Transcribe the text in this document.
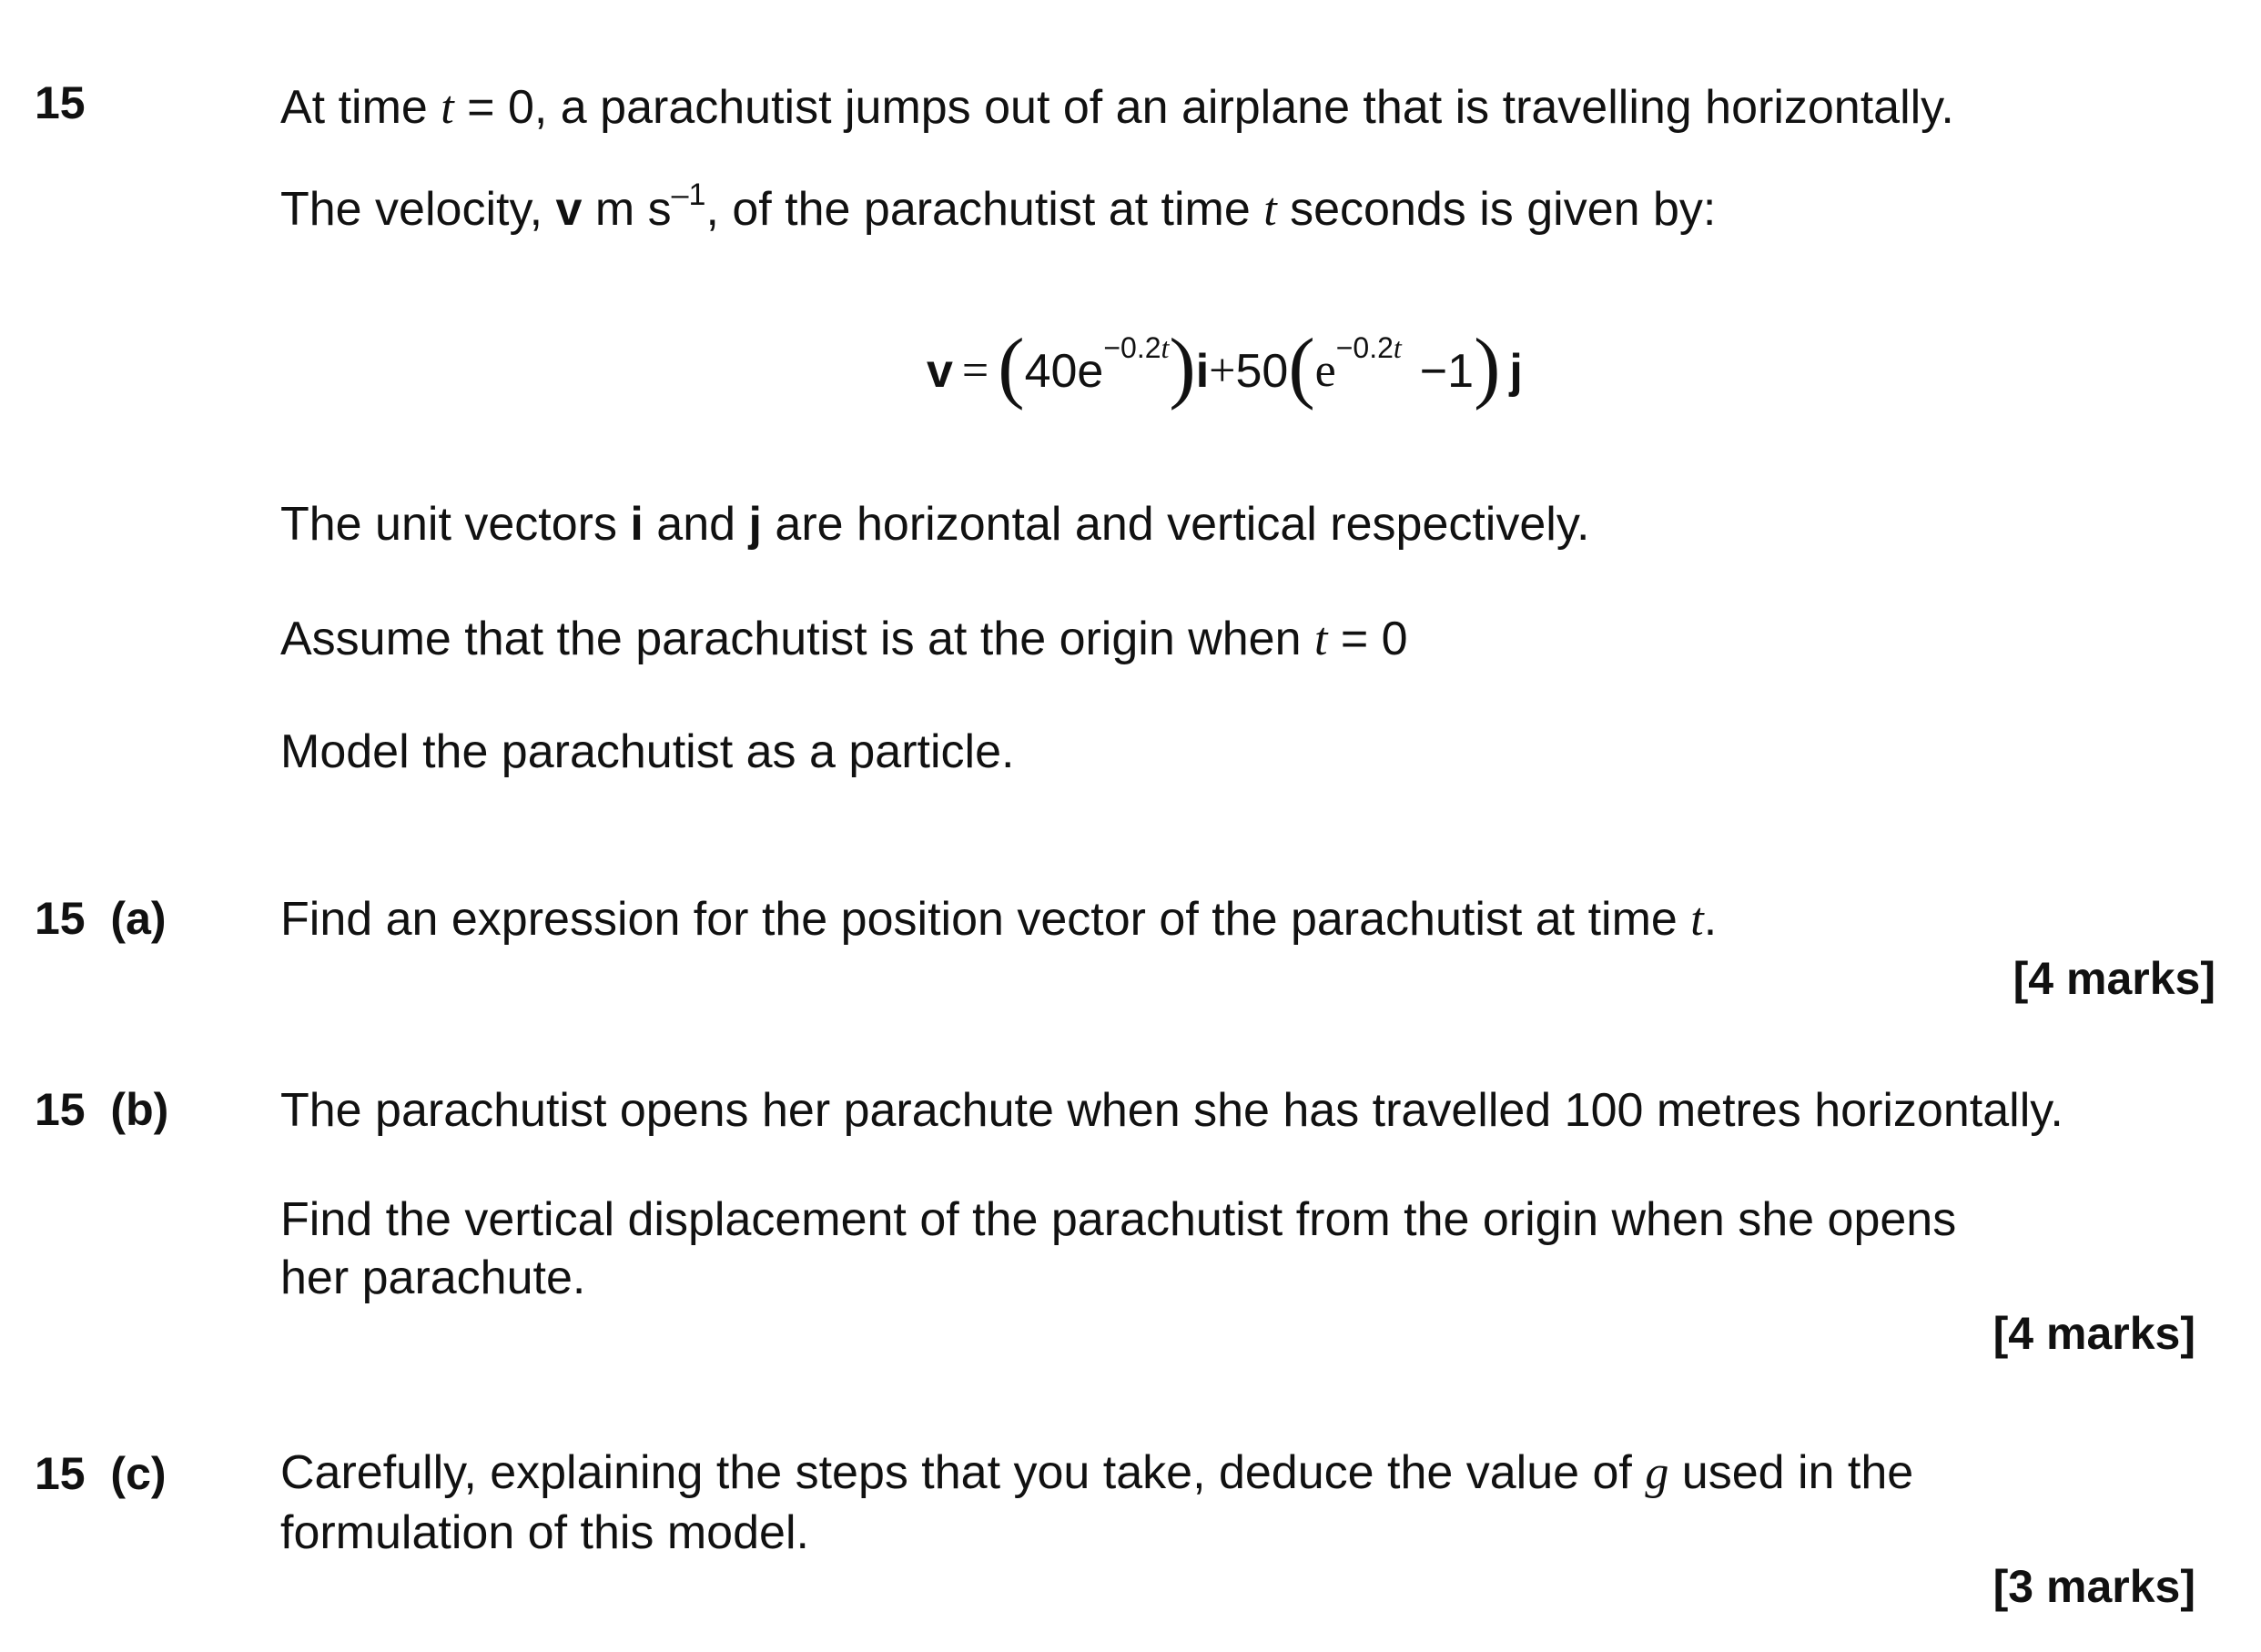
15	At time t = 0, a parachutist jumps out of an airplane that is travelling horizontally.
The velocity, v m $s^{-1}$, of the parachutist at time t seconds is given by:
v = ( 40e −0.2t ) i + 50 ( e −0.2t −1 ) j
The unit vectors i and j are horizontal and vertical respectively.
Assume that the parachutist is at the origin when t = 0
Model the parachutist as a particle.
15 (a) Find an expression for the position vector of the parachutist at time t.
[4 marks]
15 (b) The parachutist opens her parachute when she has travelled 100 metres horizontally.
Find the vertical displacement of the parachutist from the origin when she opens
her parachute.
[4 marks]
15 (c) Carefully, explaining the steps that you take, deduce the value of g used in the
formulation of this model.
[3 marks]
